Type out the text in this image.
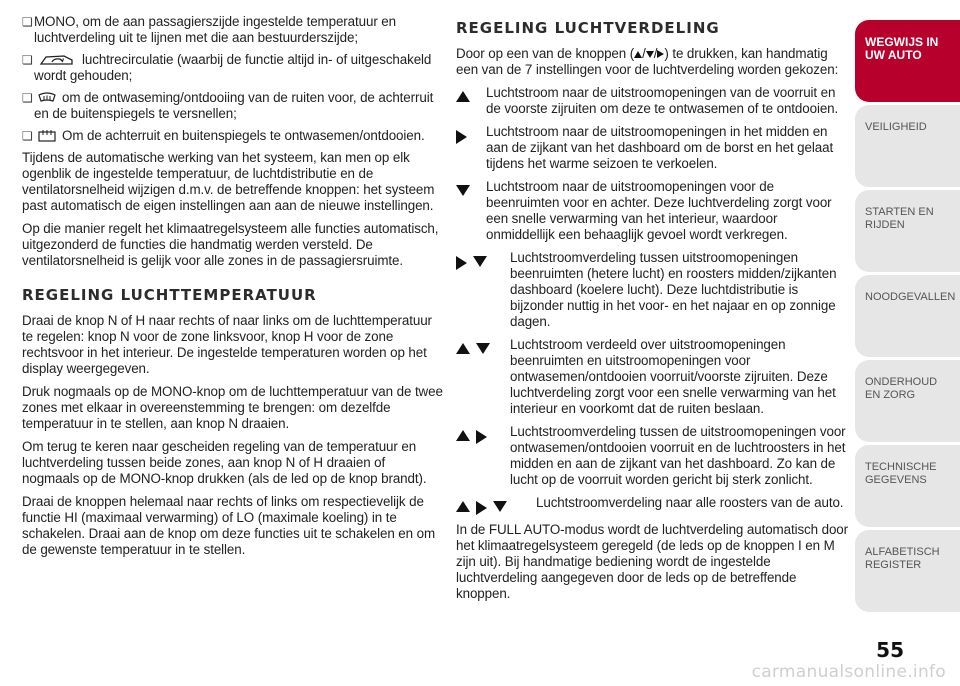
❏ MONO, om de aan passagierszijde ingestelde temperatuur en luchtverdeling uit te lijnen met die aan bestuurderszijde;
❏	luchtrecirculatie (waarbij de functie altijd in- of uitgeschakeld wordt gehouden;
❏	om de ontwaseming/ontdooiing van de ruiten voor, de achterruit en de buitenspiegels te versnellen;
❏	Om de achterruit en buitenspiegels te ontwasemen/ontdooien.

Tijdens de automatische werking van het systeem, kan men op elk ogenblik de ingestelde temperatuur, de luchtdistributie en de ventilatorsnelheid wijzigen d.m.v. de betreffende knoppen: het systeem past automatisch de eigen instellingen aan aan de nieuwe instellingen.

Op die manier regelt het klimaatregelsysteem alle functies automatisch, uitgezonderd de functies die handmatig werden versteld. De ventilatorsnelheid is gelijk voor alle zones in de passagiersruimte.

REGELING LUCHTTEMPERATUUR

Draai de knop N of H naar rechts of naar links om de luchttemperatuur te regelen: knop N voor de zone linksvoor, knop H voor de zone rechtsvoor in het interieur. De ingestelde temperaturen worden op het display weergegeven.

Druk nogmaals op de MONO-knop om de luchttemperatuur van de twee zones met elkaar in overeenstemming te brengen: om dezelfde temperatuur in te stellen, aan knop N draaien.

Om terug te keren naar gescheiden regeling van de temperatuur en luchtverdeling tussen beide zones, aan knop N of H draaien of nogmaals op de MONO-knop drukken (als de led op de knop brandt).

Draai de knoppen helemaal naar rechts of links om respectievelijk de functie HI (maximaal verwarming) of LO (maximale koeling) in te schakelen. Draai aan de knop om deze functies uit te schakelen en om de gewenste temperatuur in te stellen.

REGELING LUCHTVERDELING

Door op een van de knoppen ( / / ) te drukken, kan handmatig een van de 7 instellingen voor de luchtverdeling worden gekozen:

Luchtstroom naar de uitstroomopeningen van de voorruit en de voorste zijruiten om deze te ontwasemen of te ontdooien.
Luchtstroom naar de uitstroomopeningen in het midden en aan de zijkant van het dashboard om de borst en het gelaat tijdens het warme seizoen te verkoelen.
Luchtstroom naar de uitstroomopeningen voor de beenruimten voor en achter. Deze luchtverdeling zorgt voor een snelle verwarming van het interieur, waardoor onmiddellijk een behaaglijk gevoel wordt verkregen.
Luchtstroomverdeling tussen uitstroomopeningen beenruimten (hetere lucht) en roosters midden/zijkanten dashboard (koelere lucht). Deze luchtdistributie is bijzonder nuttig in het voor- en het najaar en op zonnige dagen.
Luchtstroom verdeeld over uitstroomopeningen beenruimten en uitstroomopeningen voor ontwasemen/ontdooien voorruit/voorste zijruiten. Deze luchtverdeling zorgt voor een snelle verwarming van het interieur en voorkomt dat de ruiten beslaan.
Luchtstroomverdeling tussen de uitstroomopeningen voor ontwasemen/ontdooien voorruit en de luchtroosters in het midden en aan de zijkant van het dashboard. Zo kan de lucht op de voorruit worden gericht bij sterk zonlicht.
Luchtstroomverdeling naar alle roosters van de auto.

In de FULL AUTO-modus wordt de luchtverdeling automatisch door het klimaatregelsysteem geregeld (de leds op de knoppen I en M zijn uit). Bij handmatige bediening wordt de ingestelde luchtverdeling aangegeven door de leds op de betreffende knoppen.

WEGWIJS IN UW AUTO
VEILIGHEID
STARTEN EN RIJDEN
NOODGEVALLEN
ONDERHOUD EN ZORG
TECHNISCHE GEGEVENS
ALFABETISCH REGISTER
55
carmanualsonline.info
